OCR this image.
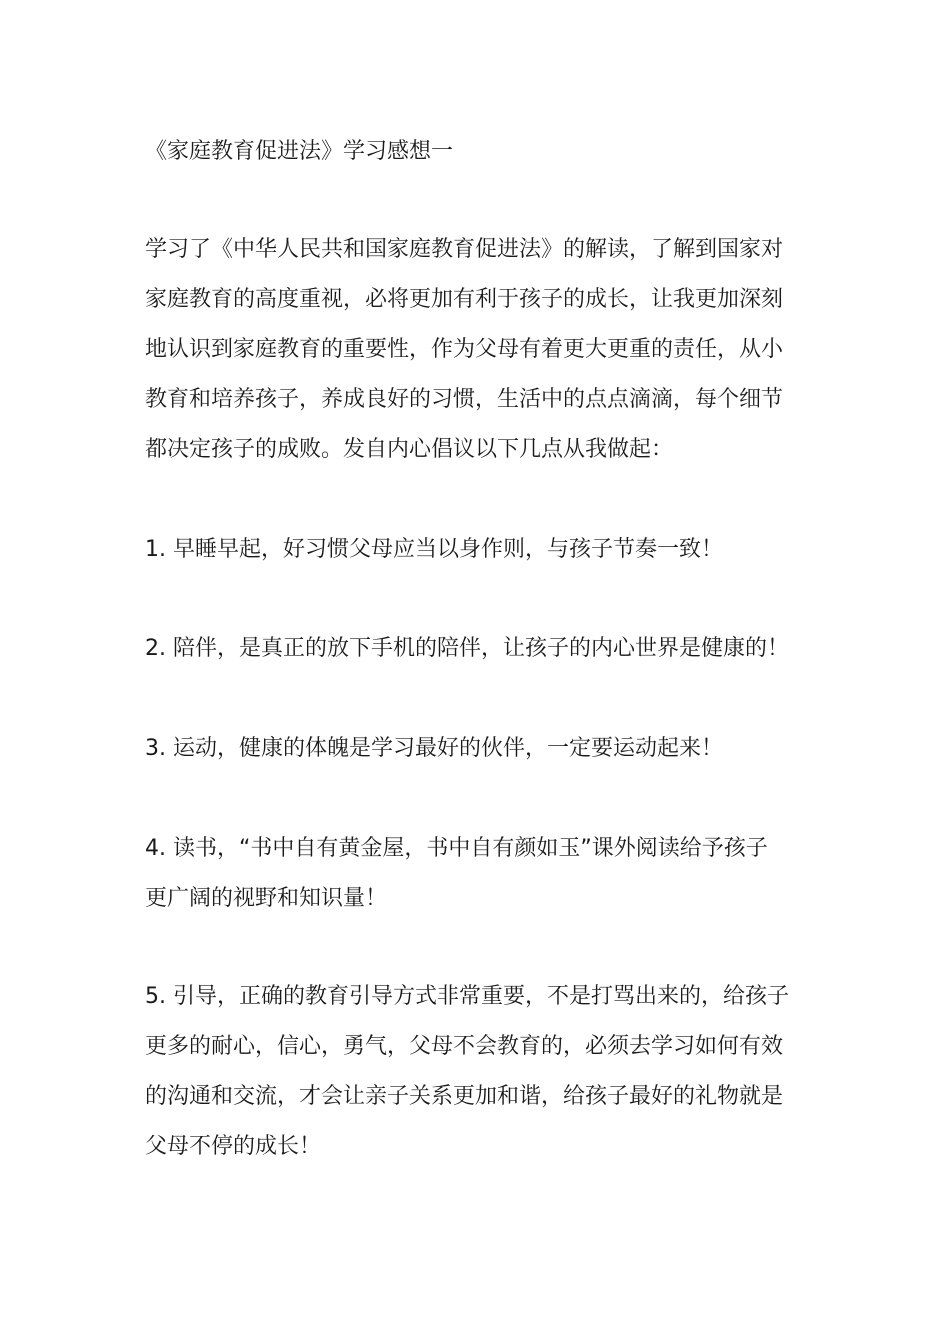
《家庭教育促进法》学习感想一
学习了《中华人民共和国家庭教育促进法》的解读，了解到国家对
家庭教育的高度重视，必将更加有利于孩子的成长，让我更加深刻
地认识到家庭教育的重要性，作为父母有着更大更重的责任，从小
教育和培养孩子，养成良好的习惯，生活中的点点滴滴，每个细节
都决定孩子的成败。发自内心倡议以下几点从我做起：
1. 早睡早起，好习惯父母应当以身作则，与孩子节奏一致！
2. 陪伴，是真正的放下手机的陪伴，让孩子的内心世界是健康的！
3. 运动，健康的体魄是学习最好的伙伴，一定要运动起来！
4. 读书，“书中自有黄金屋，书中自有颜如玉”课外阅读给予孩子
更广阔的视野和知识量！
5. 引导，正确的教育引导方式非常重要，不是打骂出来的，给孩子
更多的耐心，信心，勇气，父母不会教育的，必须去学习如何有效
的沟通和交流，才会让亲子关系更加和谐，给孩子最好的礼物就是
父母不停的成长！
